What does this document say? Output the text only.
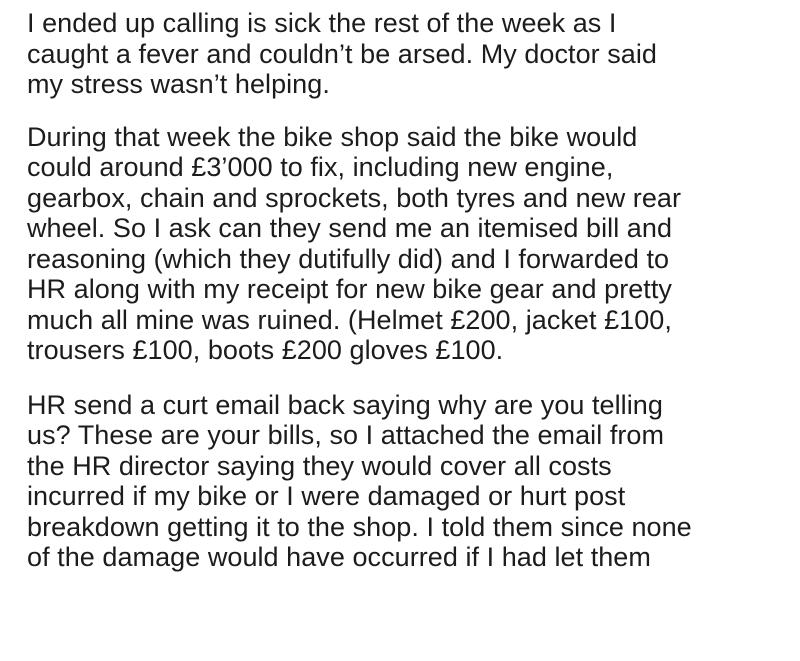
I ended up calling is sick the rest of the week as I
caught a fever and couldn’t be arsed. My doctor said
my stress wasn’t helping.

During that week the bike shop said the bike would
could around £3’000 to fix, including new engine,
gearbox, chain and sprockets, both tyres and new rear
wheel. So I ask can they send me an itemised bill and
reasoning (which they dutifully did) and I forwarded to
HR along with my receipt for new bike gear and pretty
much all mine was ruined. (Helmet £200, jacket £100,
trousers £100, boots £200 gloves £100.

HR send a curt email back saying why are you telling
us? These are your bills, so I attached the email from
the HR director saying they would cover all costs
incurred if my bike or I were damaged or hurt post
breakdown getting it to the shop. I told them since none
of the damage would have occurred if I had let them
